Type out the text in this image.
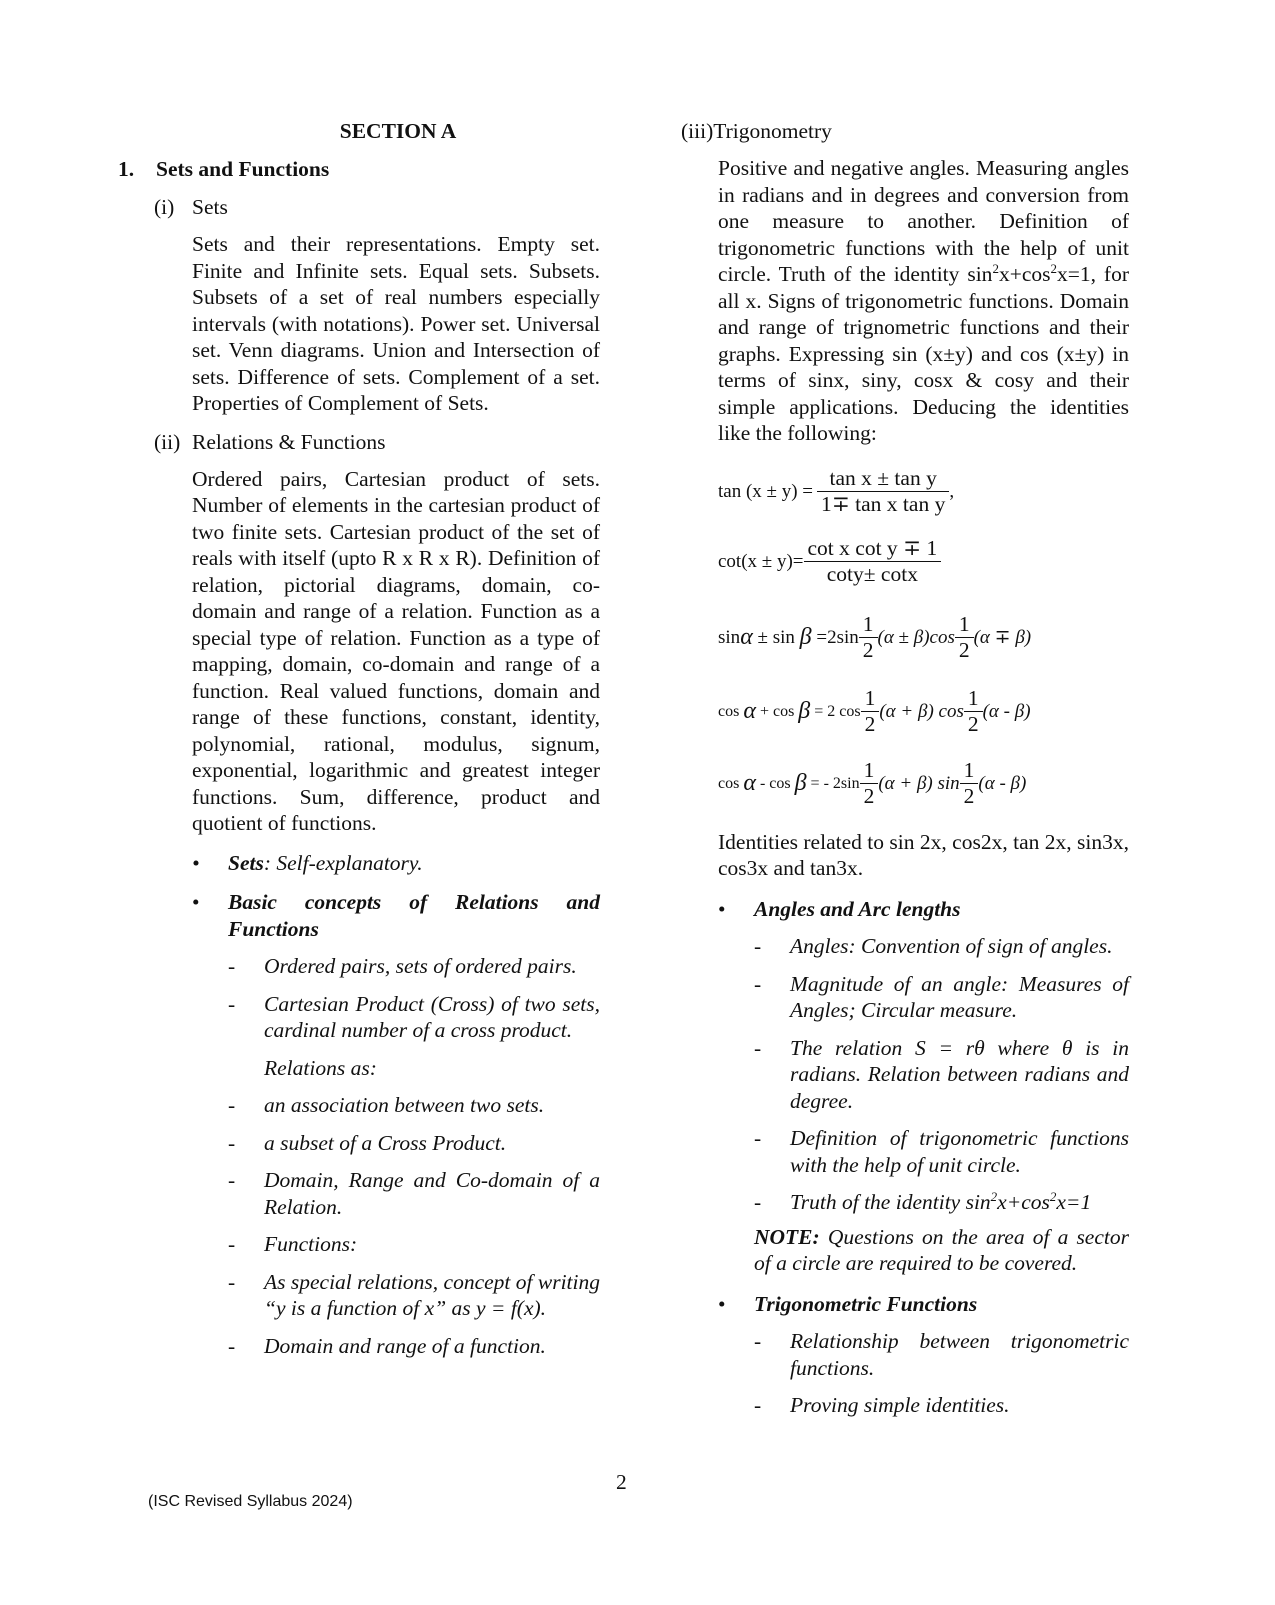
SECTION A
1. Sets and Functions
(i) Sets

Sets and their representations. Empty set. Finite and Infinite sets. Equal sets. Subsets. Subsets of a set of real numbers especially intervals (with notations). Power set. Universal set. Venn diagrams. Union and Intersection of sets. Difference of sets. Complement of a set. Properties of Complement of Sets.

(ii) Relations & Functions

Ordered pairs, Cartesian product of sets. Number of elements in the cartesian product of two finite sets. Cartesian product of the set of reals with itself (upto R x R x R). Definition of relation, pictorial diagrams, domain, co-domain and range of a relation. Function as a special type of relation. Function as a type of mapping, domain, co-domain and range of a function. Real valued functions, domain and range of these functions, constant, identity, polynomial, rational, modulus, signum, exponential, logarithmic and greatest integer functions. Sum, difference, product and quotient of functions.

• Sets: Self-explanatory.
• Basic concepts of Relations and Functions
- Ordered pairs, sets of ordered pairs.
- Cartesian Product (Cross) of two sets, cardinal number of a cross product.
Relations as:
- an association between two sets.
- a subset of a Cross Product.
- Domain, Range and Co-domain of a Relation.
- Functions:
- As special relations, concept of writing “y is a function of x” as y = f(x).
- Domain and range of a function.
(iii)Trigonometry

Positive and negative angles. Measuring angles in radians and in degrees and conversion from one measure to another. Definition of trigonometric functions with the help of unit circle. Truth of the identity $\sin^2x+\cos^2x=1$, for all x. Signs of trigonometric functions. Domain and range of trignometric functions and their graphs. Expressing sin (x±y) and cos (x±y) in terms of sinx, siny, cosx & cosy and their simple applications. Deducing the identities like the following:

$\tan (x \pm y) = \frac{\text{tan x ± tan y}}{\text{1∓ tan x tan y}}$ ,
$\cot(x \pm y)= \frac{\text{cot x cot y ∓ 1}}{\cot y\pm \cot x}$
sin α
± sin
β
$=2\sin \frac{1}{2} (\alpha \pm \beta)\cos \frac{1}{2} (\alpha \mp \beta)$
cos
α
+ cos
β
= 2 $\cos \frac{1}{2} (\alpha + \beta)$ $\cos \frac{1}{2} (\alpha - \beta)$
cos
α
- cos
β
= - $2\sin \frac{1}{2} (\alpha + \beta)$ $\sin \frac{1}{2} (\alpha - \beta)$

Identities related to sin 2x, cos2x, tan 2x, sin3x, cos3x and tan3x.

• Angles and Arc lengths
- Angles: Convention of sign of angles.
- Magnitude of an angle: Measures of Angles; Circular measure.
- The relation S = rθ where θ is in radians. Relation between radians and degree.
- Definition of trigonometric functions with the help of unit circle.
- Truth of the identity $\sin^2x+\cos^2x=1$

NOTE: Questions on the area of a sector of a circle are required to be covered.

• Trigonometric Functions
- Relationship between trigonometric functions.
- Proving simple identities.
2
(ISC Revised Syllabus 2024)
